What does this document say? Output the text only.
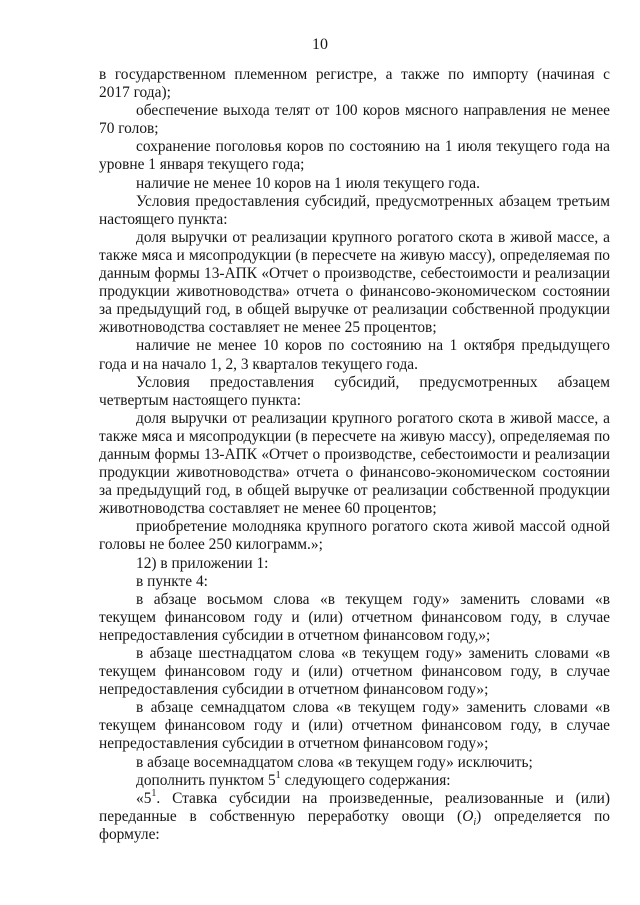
10
в государственном племенном регистре, а также по импорту (начиная с
2017 года);
обеспечение выхода телят от 100 коров мясного направления не менее
70 голов;
сохранение поголовья коров по состоянию на 1 июля текущего года на
уровне 1 января текущего года;
наличие не менее 10 коров на 1 июля текущего года.
Условия предоставления субсидий, предусмотренных абзацем третьим
настоящего пункта:
доля выручки от реализации крупного рогатого скота в живой массе, а
также мяса и мясопродукции (в пересчете на живую массу), определяемая по
данным формы 13-АПК «Отчет о производстве, себестоимости и реализации
продукции животноводства» отчета о финансово-экономическом состоянии
за предыдущий год, в общей выручке от реализации собственной продукции
животноводства составляет не менее 25 процентов;
наличие не менее 10 коров по состоянию на 1 октября предыдущего
года и на начало 1, 2, 3 кварталов текущего года.
Условия предоставления субсидий, предусмотренных абзацем
четвертым настоящего пункта:
доля выручки от реализации крупного рогатого скота в живой массе, а
также мяса и мясопродукции (в пересчете на живую массу), определяемая по
данным формы 13-АПК «Отчет о производстве, себестоимости и реализации
продукции животноводства» отчета о финансово-экономическом состоянии
за предыдущий год, в общей выручке от реализации собственной продукции
животноводства составляет не менее 60 процентов;
приобретение молодняка крупного рогатого скота живой массой одной
головы не более 250 килограмм.»;
12) в приложении 1:
в пункте 4:
в абзаце восьмом слова «в текущем году» заменить словами «в
текущем финансовом году и (или) отчетном финансовом году, в случае
непредоставления субсидии в отчетном финансовом году,»;
в абзаце шестнадцатом слова «в текущем году» заменить словами «в
текущем финансовом году и (или) отчетном финансовом году, в случае
непредоставления субсидии в отчетном финансовом году»;
в абзаце семнадцатом слова «в текущем году» заменить словами «в
текущем финансовом году и (или) отчетном финансовом году, в случае
непредоставления субсидии в отчетном финансовом году»;
в абзаце восемнадцатом слова «в текущем году» исключить;
дополнить пунктом $5^1$ следующего содержания:
«$5^1$. Ставка субсидии на произведенные, реализованные и (или)
переданные в собственную переработку овощи $(O_i)$ определяется по
формуле:
